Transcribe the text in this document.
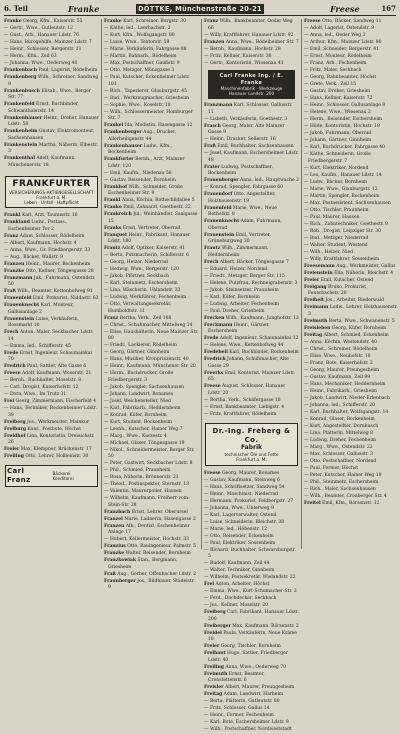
6. Teil	Franke	DÖTTKE, Münchenstraße 20-21	Freese	167
Franke Georg, Kfm., Kaiserstr. 55
— Gertr., Wwe., Gutleutstr. 12
— Gust., Arb., Hanauer Ldstr. 76
— Hans, Bürogehilfe, Mainzer Ldstr. 7
— Heinr., Schlosser, Bergerstr. 21
— Herm., Kfm., Zeil 63
— Johanna, Wwe., Oederweg 40
Frankenbach Paul, Lagerist, Rödelheim
Frankenberg Wilh., Schreiner, Sandweg 9
Frankenbusch Elisab., Wwe., Berger Str. 77
Frankenfeld Ernst, Buchbinder, Schwanthalerstr. 14
Frankenhäuser Heinr., Dreher, Hanauer Ldstr. 58
Frankenheim Gustav, Elektromonteur, Sachsenhausen
Frankenstein Martha, Näherin, Elbestr. 3
Frankenthal Adolf, Kaufmann, Münchenerstr. 18
FRANKFURTER
VERSICHERUNGS-AKTIENGESELLSCHAFT
Frankfurt a. M.
Leben · Unfall · Haftpflicht
Frankl Karl, Arzt, Taunusstr. 16
Frankland Ludw., Postass., Eschenheimer Tor 2
Franz Adam, Schlosser, Rödelheim
— Albert, Kaufmann, Hochstr. 4
— Anna, Wwe., Gr. Friedbergerstr. 33
— Aug., Bäcker, Wallstr. 9
Franzen Heinr., Maurer, Bockenheim
Franzke Otto, Kellner, Töngesgasse 28
Franzmann Jak., Fuhrmann, Ostendstr. 50
Fraß Wilh., Beamter, Kettenhofweg 91
Frauenfeld Emil, Prokurist, Niddastr. 63
Frauenknecht Karl, Monteur, Gallusanlage 2
Frauenstein Luise, Verkäuferin, Rossmarkt 10
Frech Anton, Maler, Seckbacher Ldstr. 14
— Emma, led., Schifferstr. 45
Frede Ernst, Ingenieur, Schaumainkai 70
Fredrich Paul, Sattler, Alte Gasse 6
Freese Adolf, Kaufmann, Weserstr. 21
— Bernh., Buchhalter, Moselstr. 8
— Carl, Drogist, Kaiserhofstr. 12
— Dora, Wwe., Im Trutz 31
Frei Georg, Zimmermann, Fischerfeld 4
— Hans, Techniker, Bockenheimer Ldstr. 39
Freiberg Jos., Werkmeister, Mainkur
Freiburg Konr., Postbote, Höchst
Freidhof Lina, Kontoristin, Dreieichstr. 26
Freier Max, Klempner, Brückenstr. 17
Freiling Otto, Lehrer, Holbeinstr. 30
Carl Franz
Bäckerei
Konditorei
Franke Karl, Schreiner, Burgstr. 30
— Käthe, led., Leerbachstr. 2
— Kurt, Kfm., Wolfsgangstr. 80
— Luise, Wwe., Textorstr. 59
— Marie, Verkäuferin, Fahrgasse 88
— Martin, Bahnarb., Rödelheim
— Max, Postschaffner, Gaußstr. 9
— Otto, Metzger, Münzgasse 3
— Paul, Kutscher, Eckenheimer Ldstr. 101
— Rich., Tapezierer, Glauburgstr. 45
— Rud., Werkzeugmacher, Griesheim
— Sophie, Wwe., Koselstr. 18
— Wilh., Schlossermeister, Homburger Str. 7
Frankel Ida, Modistin, Hasengasse 12
Frankenberger Aug., Drucker, Allerheiligenstr. 44
Frankenhauser Ludw., Kfm., Bockenheim
Frankfurter Bernh., Arzt, Mainzer Ldstr. 120
— Emil, Kaufm., Niedenau 58
— Gustav, Reisender, Bornheim
Frankhof Wilh., Schneider, Große Eschenheimer Str. 9
Frankl Anna, Köchin, Rothschildallee 5
Franko Emil, Zahnarzt, Goethestr. 22
Frankreich Jul., Weinhändler, Saalgasse 15
Franks Ernst, Vertreter, Oberrad
Franquet Heinr., Fabrikant, Hanauer Ldstr. 180
Frantz Adolf, Optiker, Kaiserstr. 41
— Berta, Putzmacherin, Schillerstr. 6
— Georg, Heizer, Niederrad
— Hedwig, Wwe., Bergerstr. 120
— Jakob, Pförtner, Seckbach
— Karl, Steinmetz, Eschersheim
— Lina, Wäscherin, Uhlandstr. 33
— Ludwig, Werkführer, Fechenheim
— Otto, Verwaltungssekretär, Humboldtstr. 11
Franz Bertha, Verk., Zeil 108
— Christ., Schuhmacher, Mittelweg 14
— Elise, Haushälterin, Neue Mainzer Str. 80
— Friedr., Lackierer, Rödelheim
— Georg, Gärtner, Ginnheim
— Hans, Musiker, Kronprinzenstr. 40
— Heinr., Kaufmann, Münchener Str. 20
— Herm., Buchdrucker, Große Friedbergerstr. 3
— Jakob, Spengler, Sachsenhausen
— Johann, Landwirt, Bonames
— Josef, Weichensteller, Nied
— Karl, Fabrikarb., Heddernheim
— Konrad, Küfer, Bornheim
— Kurt, Student, Bockenheim
— Leonh., Kutscher, Hainer Weg 7
— Marg., Wwe., Kurzestr. 4
— Michael, Glaser, Töngesgasse 19
— Nikol., Schneidermeister, Berger Str. 50
— Peter, Gastwirt, Seckbacher Ldstr. 8
— Phil., Schmied, Praunheim
— Rosa, Näherin, Brönnerstr. 21
— Theod., Postinspektor, Sternstr. 13
— Valentin, Maurerpolier, Hausen
— Wilhelm, Kaufmann, Freiherr-vom-Stein-Str. 28
Franzbach Ernst, Lehrer, Oberursel
Franzel Marie, Ladnerin, Hasengasse 2
Franzen Alb., Dentist, Eschenheimer Anlage 17
— Hubert, Kellermeister, Hochstr. 33
Franzius Otto, Bauingenieur, Palmstr. 5
Franzke Walter, Reisender, Bornheim
Franzkowiak Stan., Bergmann, Griesheim
Fraß Aug., Gerber, Offenbacher Ldstr. 2
Fraunberger Jos., Bildhauer, Städelstr. 9
Franz Wilh., Bankbeamter, Oeder Weg 66
— Willy, Kraftfahrer, Hanauer Ldstr. 92
Franzen Anna, Wwe., Rödelheimer Str. 7
— Bernh., Kaufmann, Hochstr. 28
— Fritz, Kellner, Kaiserstr. 30
— Gertr., Kontoristin, Wiesenau 41
Carl Franke Ing. / E. Franke
Maschinenfabrik · Werkzeuge
Hanauer Landstr. 200
Franzmann Karl, Schlosser, Gallusstr. 11
— Lisbeth, Verkäuferin, Goethestr. 3
Frasch Georg, Maler, Alte Mainzer Gasse 9
— Heinr., Drucker, Seilerstr. 16
Fraß Emil, Buchhalter, Sachsenhausen
— Josef, Kaufmann, Eschersheimer Ldstr. 48
Frater Ludwig, Postschaffner, Bockenheim
Frauenberger Anna, led., Hauptwache 2
— Konrad, Spengler, Fahrgasse 60
Frauendorf Otto, Angestellter, Holzhausenstr. 19
Frauenfeld Marie, Wwe., Neue Rothofstr. 8
Frauenknecht Adam, Fuhrmann, Oberrad
Frauenstein Emil, Vertreter, Grüneburgweg 30
Frautz Wilh., Zimmermann, Heddernheim
Frech Albert, Bäcker, Töngesgasse 7
— Eduard, Heizer, Nordend
— Friedr., Metzger, Berger Str. 115
— Helene, Putzfrau, Rechneigrabenstr. 3
— Jakob, Steinsetzer, Praunheim
— Karl, Küfer, Bornheim
— Ludwig, Arbeiter, Fechenheim
— Paul, Dreher, Griesheim
Frecken Wilh., Kaufmann, Junghofstr. 12
Freckmann Heinr., Gärtner, Eschersheim
Frede Adolf, Ingenieur, Schaumainkai 12
— Helene, Wwe., Kettenhofweg 44
Fredebeil Karl, Buchbinder, Bockenheim
Fredrich Johann, Schuhmacher, Alte Gasse 29
Freerks Emil, Kontorist, Mainzer Ldstr. 65
Freese August, Schlosser, Hanauer Ldstr. 20
— Bertha, Verk., Schäfergasse 18
— Ernst, Bankbeamter, Liebigstr. 4
— Fritz, Kraftfahrer, Rödelheim
Dr.-Ing. Freberg & Co.
Fabrik
technischer Öle und Fette
Frankfurt a. M.
Freese Georg, Maurer, Bonames
— Gustav, Kaufmann, Steinweg 6
— Hans, Schriftsetzer, Sandweg 54
— Heinr., Maschinist, Niederrad
— Hermann, Prokurist, Feldbergstr. 27
— Johanna, Wwe., Unterweg 9
— Karl, Lagerverwalter, Ostend
— Luise, Schneiderin, Bleichstr. 38
— Marie, led., Höhenstr. 12
— Otto, Reisender, Eckenheim
— Paul, Elektriker, Sossenheim
— Richard, Buchhalter, Schwarzburgstr. 5
— Rudolf, Kaufmann, Zeil 44
— Walter, Techniker, Ginnheim
— Wilhelm, Postsekretär, Wielandstr. 22
Frei Anton, Arbeiter, Höchst
— Emma, Wwe., Kurt-Schumacher-Str. 2
— Ferd., Dachdecker, Seckbach
— Jos., Kellner, Moselstr. 20
Freiberg Carl, Fabrikant, Hanauer Ldstr. 200
Freiberger Max, Kaufmann, Börsenstr. 2
Freidel Paula, Verkäuferin, Neue Kräme 18
Freier Georg, Tischler, Bornheim
Freihaut Hugo, Sattler, Friedberger Ldstr. 40
Freiling Anna, Wwe., Oederweg 70
Freimuth Ernst, Beamter, Cronstettenstr. 6
Freisler Albert, Maurer, Preungesheim
Freitag Adam, Landwirt, Harheim
— Berta, Plätterin, Gutleutstr. 80
— Fritz, Schlosser, Gallus 14
— Heinr., Former, Fechenheim
— Karl, Bote, Eschersheimer Ldstr. 9
— Wilh., Postschaffner, Nordweststadt
Freese Otto, Bäcker, Sandweg 11
— Adolf, Lagerist, Ostendstr. 9
— Anna, led., Oeder Weg 3
— Arthur, Kfm., Mainzer Ldstr. 90
— Emil, Schneider, Bergerstr. 41
— Ernst, Monteur, Rödelheim
— Franz, Arb., Fechenheim
— Fritz, Maler, Seckbach
— Georg, Bahnbeamter, Höchst
— Grete, Verk., Zeil 15
— Gustav, Dreher, Griesheim
— Hans, Kellner, Kaiserstr. 72
— Heinr., Schlosser, Gallusanlage 8
— Helene, Wwe., Wiesenau 2
— Herm., Reisender, Eschersheim
— Hilde, Kontoristin, Hochstr. 19
— Jakob, Fuhrmann, Oberrad
— Johann, Gärtner, Ginnheim
— Karl, Buchdrucker, Fahrgasse 40
— Käthe, Schneiderin, Große Friedbergerstr. 7
— Kurt, Elektriker, Nordend
— Leo, Kaufm., Hanauer Ldstr. 14
— Ludw., Bäcker, Bornheim
— Marie, Wwe., Glauburgstr. 12
— Martin, Spengler, Bockenheim
— Max, Postassistent, Sachsenhausen
— Otto, Tischler, Praunheim
— Paul, Maurer, Hausen
— Rich., Zahntechniker, Goethestr. 9
— Rob., Drogist, Leipziger Str. 30
— Rud., Metzger, Niederrad
— Walter, Student, Westend
— Wilh., Heizer, Nied
— Willy, Kraftfahrer, Sossenheim
Freesemann Aug., Werkmeister, Gallus
Freienstein Ella, Näherin, Bleichstr. 4
Freier Emil, Kutscher, Ostend
Freigang Bruno, Prokurist, Feuerbachstr. 20
Freiheit Jos., Arbeiter, Riederwald
Freimann Ludw., Lehrer, Holzhausenstr. 3
Freimuth Berta, Wwe., Schwanenstr. 5
Freisleben Georg, Küfer, Bornheim
Freitag Albert, Schmied, Eckenheim
— Anna, Köchin, Westendstr. 40
— Christ., Schreiner, Rödelheim
— Elise, Wwe., Neuhofstr. 10
— Franz, Bote, Kaiserhofstr. 2
— Georg, Maurer, Preungesheim
— Gustav, Kaufmann, Zeil 99
— Hans, Mechaniker, Heddernheim
— Heinr., Fabrikarb., Griesheim
— Jakob, Landwirt, Nieder-Erlenbach
— Johanna, led., Schifferstr. 20
— Karl, Buchhalter, Wolfsgangstr. 14
— Konrad, Glaser, Bockenheim
— Kurt, Angestellter, Dornbusch
— Lina, Plätterin, Mittelweg 8
— Ludwig, Dreher, Fechenheim
— Marg., Wwe., Ostendstr. 22
— Max, Schlosser, Gallusstr. 3
— Otto, Postschaffner, Nordend
— Paul, Former, Höchst
— Peter, Kutscher, Hainer Weg 19
— Phil., Steinmetz, Eschersheim
— Rich., Maler, Sachsenhausen
— Wilh., Beamter, Cronberger Str. 4
Freitel Emil, Kfm., Börsenstr. 12
